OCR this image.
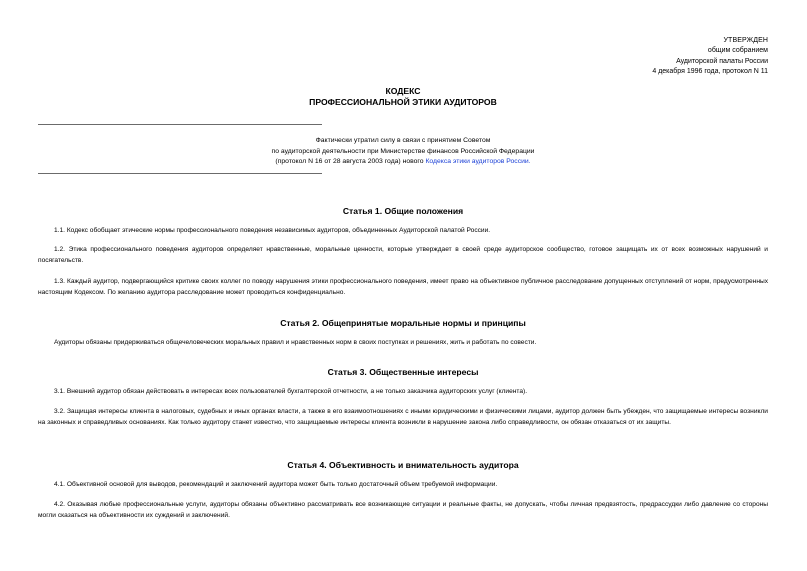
УТВЕРЖДЕН
общим собранием
Аудиторской палаты России
4 декабря 1996 года, протокол N 11
КОДЕКС
ПРОФЕССИОНАЛЬНОЙ ЭТИКИ АУДИТОРОВ
Фактически утратил силу в связи с принятием Советом
по аудиторской деятельности при Министерстве финансов Российской Федерации
(протокол N 16 от 28 августа 2003 года) нового Кодекса этики аудиторов России.
Статья 1. Общие положения
1.1. Кодекс обобщает этические нормы профессионального поведения независимых аудиторов, объединенных Аудиторской палатой России.
1.2. Этика профессионального поведения аудиторов определяет нравственные, моральные ценности, которые утверждает в своей среде аудиторское сообщество, готовое защищать их от всех возможных нарушений и посягательств.
1.3. Каждый аудитор, подвергающийся критике своих коллег по поводу нарушения этики профессионального поведения, имеет право на объективное публичное расследование допущенных отступлений от норм, предусмотренных настоящим Кодексом. По желанию аудитора расследование может проводиться конфиденциально.
Статья 2. Общепринятые моральные нормы и принципы
Аудиторы обязаны придерживаться общечеловеческих моральных правил и нравственных норм в своих поступках и решениях, жить и работать по совести.
Статья 3. Общественные интересы
3.1. Внешний аудитор обязан действовать в интересах всех пользователей бухгалтерской отчетности, а не только заказчика аудиторских услуг (клиента).
3.2. Защищая интересы клиента в налоговых, судебных и иных органах власти, а также в его взаимоотношениях с иными юридическими и физическими лицами, аудитор должен быть убежден, что защищаемые интересы возникли на законных и справедливых основаниях. Как только аудитору станет известно, что защищаемые интересы клиента возникли в нарушение закона либо справедливости, он обязан отказаться от их защиты.
Статья 4. Объективность и внимательность аудитора
4.1. Объективной основой для выводов, рекомендаций и заключений аудитора может быть только достаточный объем требуемой информации.
4.2. Оказывая любые профессиональные услуги, аудиторы обязаны объективно рассматривать все возникающие ситуации и реальные факты, не допускать, чтобы личная предвзятость, предрассудки либо давление со стороны могли сказаться на объективности их суждений и заключений.
